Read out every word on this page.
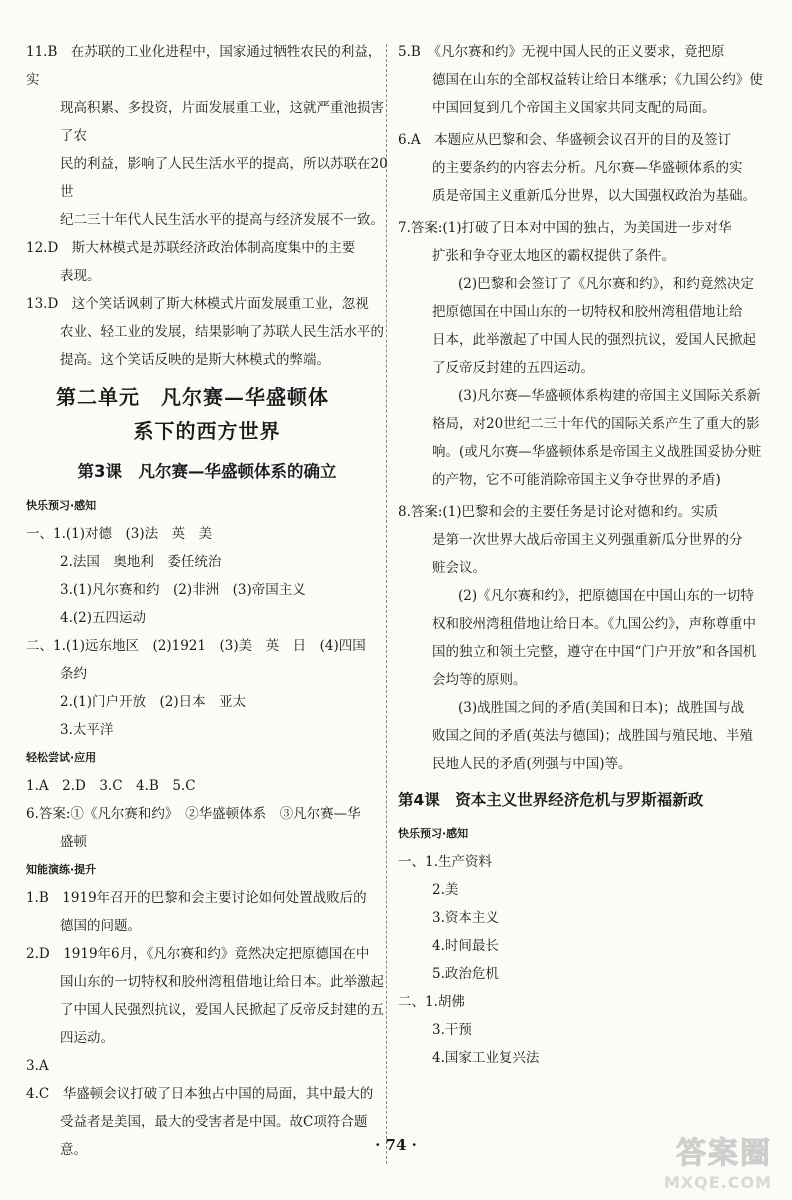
11.B　在苏联的工业化进程中，国家通过牺牲农民的利益，实

现高积累、多投资，片面发展重工业，这就严重池损害了农

民的利益，影响了人民生活水平的提高，所以苏联在20世

纪二三十年代人民生活水平的提高与经济发展不一致。

12.D　斯大林模式是苏联经济政治体制高度集中的主要

表现。

13.D　这个笑话讽刺了斯大林模式片面发展重工业，忽视

农业、轻工业的发展，结果影响了苏联人民生活水平的

提高。这个笑话反映的是斯大林模式的弊端。

第二单元　凡尔赛—华盛顿体
系下的西方世界
第3课　凡尔赛—华盛顿体系的确立
快乐预习·感知

一、1.(1)对德　(3)法　英　美

2.法国　奥地利　委任统治

3.(1)凡尔赛和约　(2)非洲　(3)帝国主义

4.(2)五四运动

二、1.(1)远东地区　(2)1921　(3)美　英　日　(4)四国

条约

2.(1)门户开放　(2)日本　亚太

3.太平洋

轻松尝试·应用

1.A　2.D　3.C　4.B　5.C

6.答案:①《凡尔赛和约》　②华盛顿体系　③凡尔赛—华

盛顿

知能演练·提升

1.B　1919年召开的巴黎和会主要讨论如何处置战败后的

德国的问题。

2.D　1919年6月，《凡尔赛和约》竟然决定把原德国在中

国山东的一切特权和胶州湾租借地让给日本。此举激起

了中国人民强烈抗议，爱国人民掀起了反帝反封建的五

四运动。

3.A

4.C　华盛顿会议打破了日本独占中国的局面，其中最大的

受益者是美国，最大的受害者是中国。故C项符合题意。

5.B　《凡尔赛和约》无视中国人民的正义要求，竟把原

德国在山东的全部权益转让给日本继承；《九国公约》使

中国回复到几个帝国主义国家共同支配的局面。

6.A　本题应从巴黎和会、华盛顿会议召开的目的及签订

的主要条约的内容去分析。凡尔赛—华盛顿体系的实

质是帝国主义重新瓜分世界，以大国强权政治为基础。

7.答案:(1)打破了日本对中国的独占，为美国进一步对华

扩张和争夺亚太地区的霸权提供了条件。

(2)巴黎和会签订了《凡尔赛和约》，和约竟然决定

把原德国在中国山东的一切特权和胶州湾租借地让给

日本，此举激起了中国人民的强烈抗议，爱国人民掀起

了反帝反封建的五四运动。

(3)凡尔赛—华盛顿体系构建的帝国主义国际关系新

格局，对20世纪二三十年代的国际关系产生了重大的影

响。(或凡尔赛—华盛顿体系是帝国主义战胜国妥协分赃

的产物，它不可能消除帝国主义争夺世界的矛盾)

8.答案:(1)巴黎和会的主要任务是讨论对德和约。实质

是第一次世界大战后帝国主义列强重新瓜分世界的分

赃会议。

(2)《凡尔赛和约》，把原德国在中国山东的一切特

权和胶州湾租借地让给日本。《九国公约》，声称尊重中

国的独立和领土完整，遵守在中国“门户开放”和各国机

会均等的原则。

(3)战胜国之间的矛盾(美国和日本)；战胜国与战

败国之间的矛盾(英法与德国)；战胜国与殖民地、半殖

民地人民的矛盾(列强与中国)等。

第4课　资本主义世界经济危机与罗斯福新政
快乐预习·感知

一、1.生产资料

2.美

3.资本主义

4.时间最长

5.政治危机

二、1.胡佛

3.干预

4.国家工业复兴法

· 74 ·	答案圈
MXQE.COM
